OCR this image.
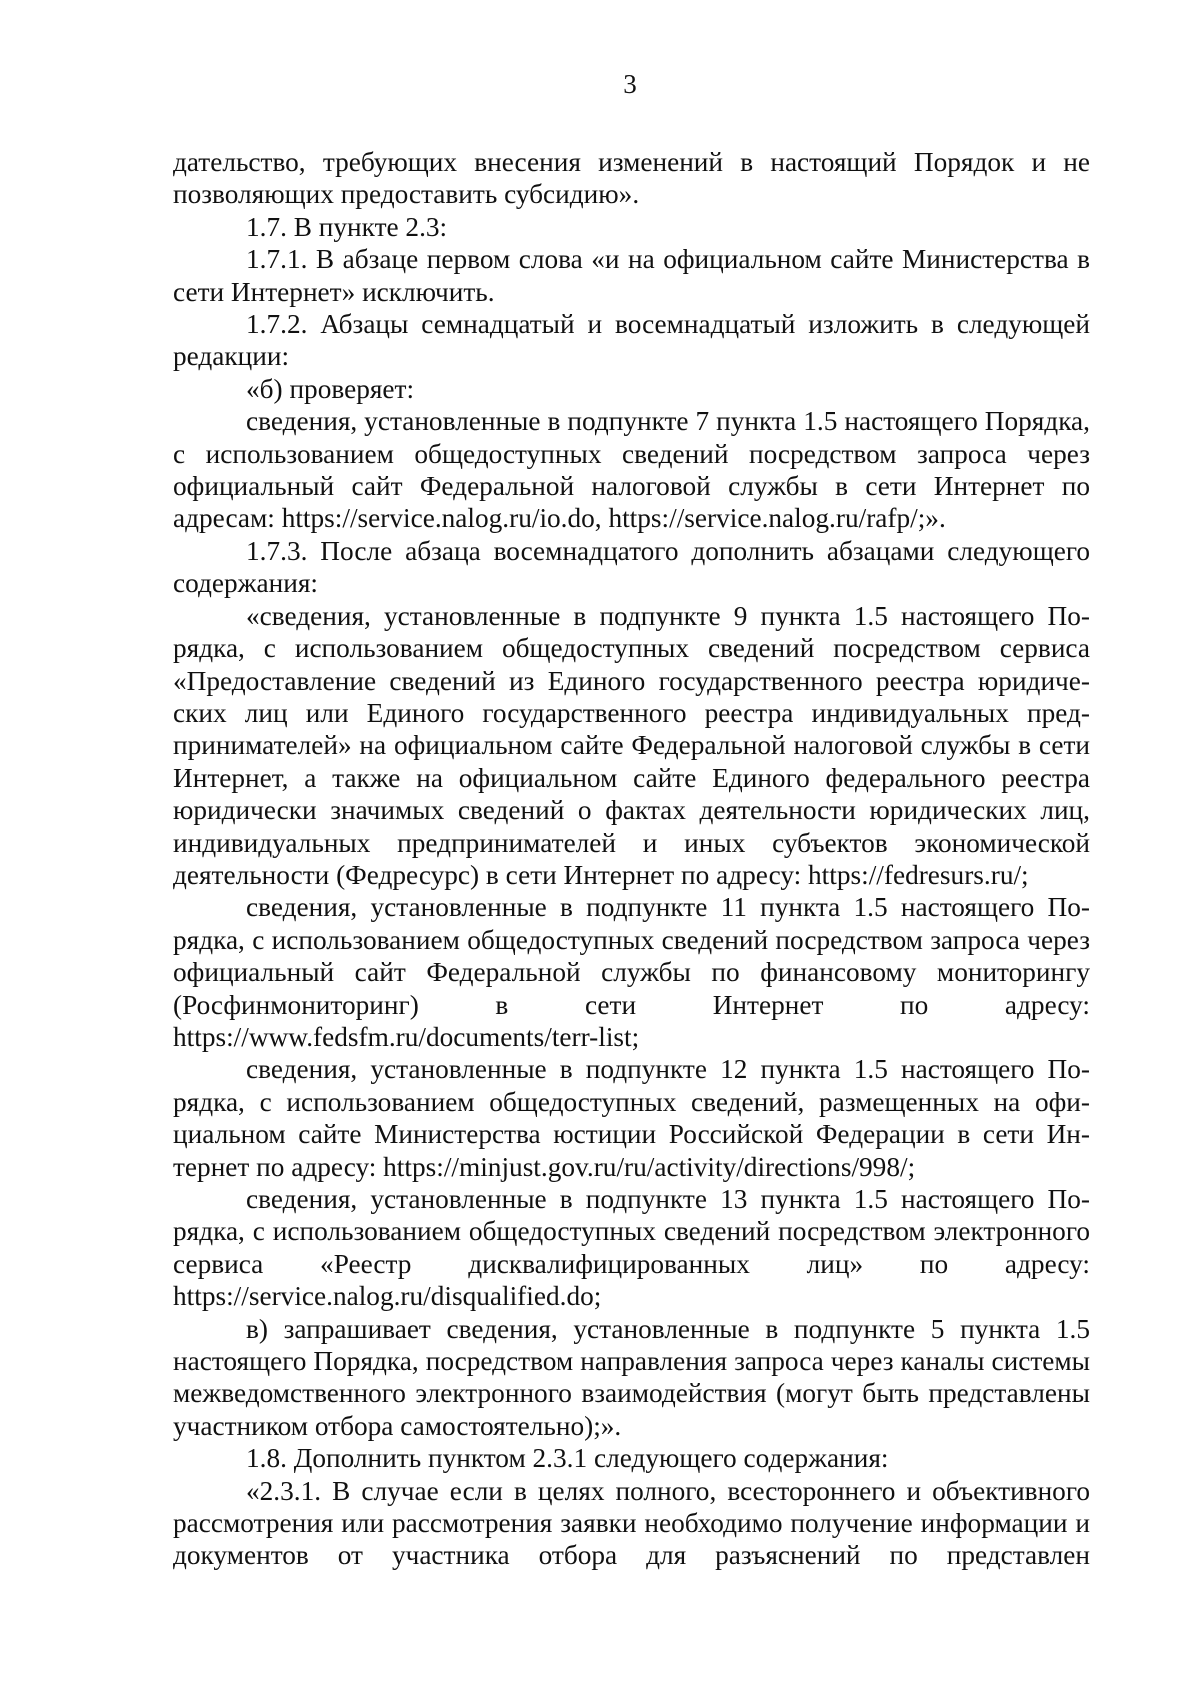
3

дательство, требующих внесения изменений в настоящий Порядок и не позволяющих предоставить субсидию».

1.7. В пункте 2.3:

1.7.1. В абзаце первом слова «и на официальном сайте Министерства в сети Интернет» исключить.

1.7.2. Абзацы семнадцатый и восемнадцатый изложить в следующей редакции:

«б) проверяет:

сведения, установленные в подпункте 7 пункта 1.5 настоящего Порядка, с использованием общедоступных сведений посредством запроса через официальный сайт Федеральной налоговой службы в сети Интернет по адресам: https://service.nalog.ru/io.do, https://service.nalog.ru/rafp/;».

1.7.3. После абзаца восемнадцатого дополнить абзацами следующего содержания:

«сведения, установленные в подпункте 9 пункта 1.5 настоящего Порядка, с использованием общедоступных сведений посредством сервиса «Предоставление сведений из Единого государственного реестра юридических лиц или Единого государственного реестра индивидуальных предпринимателей» на официальном сайте Федеральной налоговой службы в сети Интернет, а также на официальном сайте Единого федерального реестра юридически значимых сведений о фактах деятельности юридических лиц, индивидуальных предпринимателей и иных субъектов экономической деятельности (Федресурс) в сети Интернет по адресу: https://fedresurs.ru/;

сведения, установленные в подпункте 11 пункта 1.5 настоящего Порядка, с использованием общедоступных сведений посредством запроса через официальный сайт Федеральной службы по финансовому мониторингу (Росфинмониторинг) в сети Интернет по адресу: https://www.fedsfm.ru/documents/terr-list;

сведения, установленные в подпункте 12 пункта 1.5 настоящего Порядка, с использованием общедоступных сведений, размещенных на официальном сайте Министерства юстиции Российской Федерации в сети Интернет по адресу: https://minjust.gov.ru/ru/activity/directions/998/;

сведения, установленные в подпункте 13 пункта 1.5 настоящего Порядка, с использованием общедоступных сведений посредством электронного сервиса «Реестр дисквалифицированных лиц» по адресу: https://service.nalog.ru/disqualified.do;

в) запрашивает сведения, установленные в подпункте 5 пункта 1.5 настоящего Порядка, посредством направления запроса через каналы системы межведомственного электронного взаимодействия (могут быть представлены участником отбора самостоятельно);».

1.8. Дополнить пунктом 2.3.1 следующего содержания:

«2.3.1. В случае если в целях полного, всестороннего и объективного рассмотрения или рассмотрения заявки необходимо получение информации и документов от участника отбора для разъяснений по представлен
